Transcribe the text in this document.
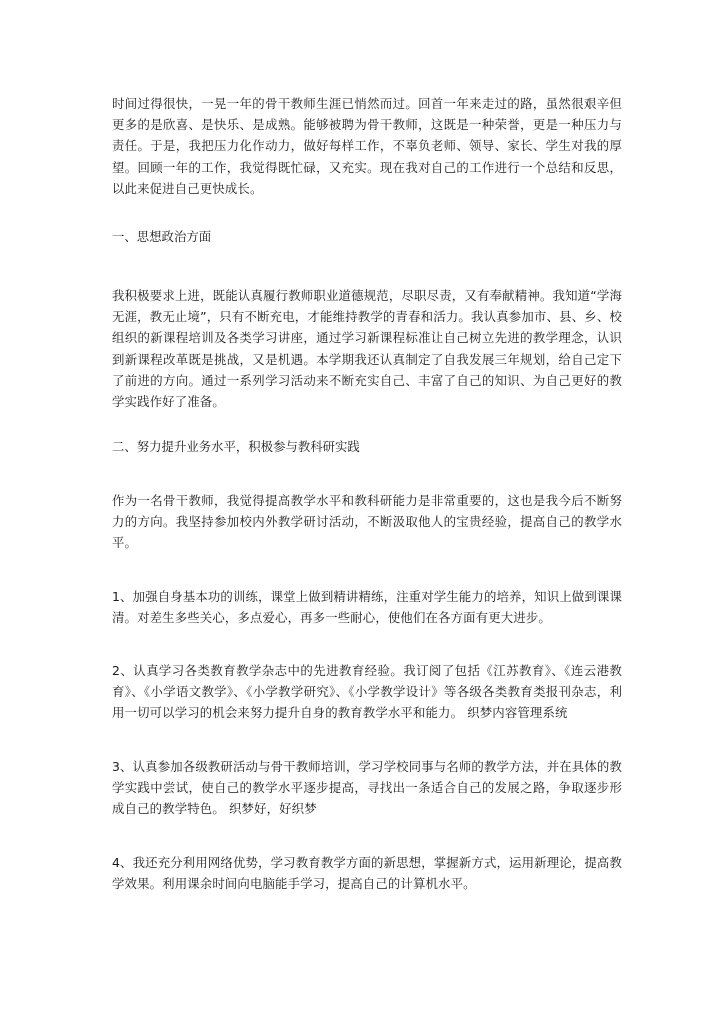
时间过得很快，一晃一年的骨干教师生涯已悄然而过。回首一年来走过的路，虽然很艰辛但更多的是欣喜、是快乐、是成熟。能够被聘为骨干教师，这既是一种荣誉，更是一种压力与责任。于是，我把压力化作动力，做好每样工作，不辜负老师、领导、家长、学生对我的厚望。回顾一年的工作，我觉得既忙碌，又充实。现在我对自己的工作进行一个总结和反思，以此来促进自己更快成长。

一、思想政治方面

我积极要求上进，既能认真履行教师职业道德规范，尽职尽责，又有奉献精神。我知道“学海无涯，教无止境”，只有不断充电，才能维持教学的青春和活力。我认真参加市、县、乡、校组织的新课程培训及各类学习讲座，通过学习新课程标准让自己树立先进的教学理念，认识到新课程改革既是挑战，又是机遇。本学期我还认真制定了自我发展三年规划，给自己定下了前进的方向。通过一系列学习活动来不断充实自己、丰富了自己的知识、为自己更好的教学实践作好了准备。

二、努力提升业务水平，积极参与教科研实践

作为一名骨干教师，我觉得提高教学水平和教科研能力是非常重要的，这也是我今后不断努力的方向。我坚持参加校内外教学研讨活动，不断汲取他人的宝贵经验，提高自己的教学水平。

1、加强自身基本功的训练，课堂上做到精讲精练，注重对学生能力的培养，知识上做到课课清。对差生多些关心，多点爱心，再多一些耐心，使他们在各方面有更大进步。

2、认真学习各类教育教学杂志中的先进教育经验。我订阅了包括《江苏教育》、《连云港教育》、《小学语文教学》、《小学教学研究》、《小学教学设计》等各级各类教育类报刊杂志，利用一切可以学习的机会来努力提升自身的教育教学水平和能力。 织梦内容管理系统

3、认真参加各级教研活动与骨干教师培训，学习学校同事与名师的教学方法，并在具体的教学实践中尝试，使自己的教学水平逐步提高，寻找出一条适合自己的发展之路，争取逐步形成自己的教学特色。 织梦好，好织梦

4、我还充分利用网络优势，学习教育教学方面的新思想，掌握新方式，运用新理论，提高教学效果。利用课余时间向电脑能手学习，提高自己的计算机水平。
